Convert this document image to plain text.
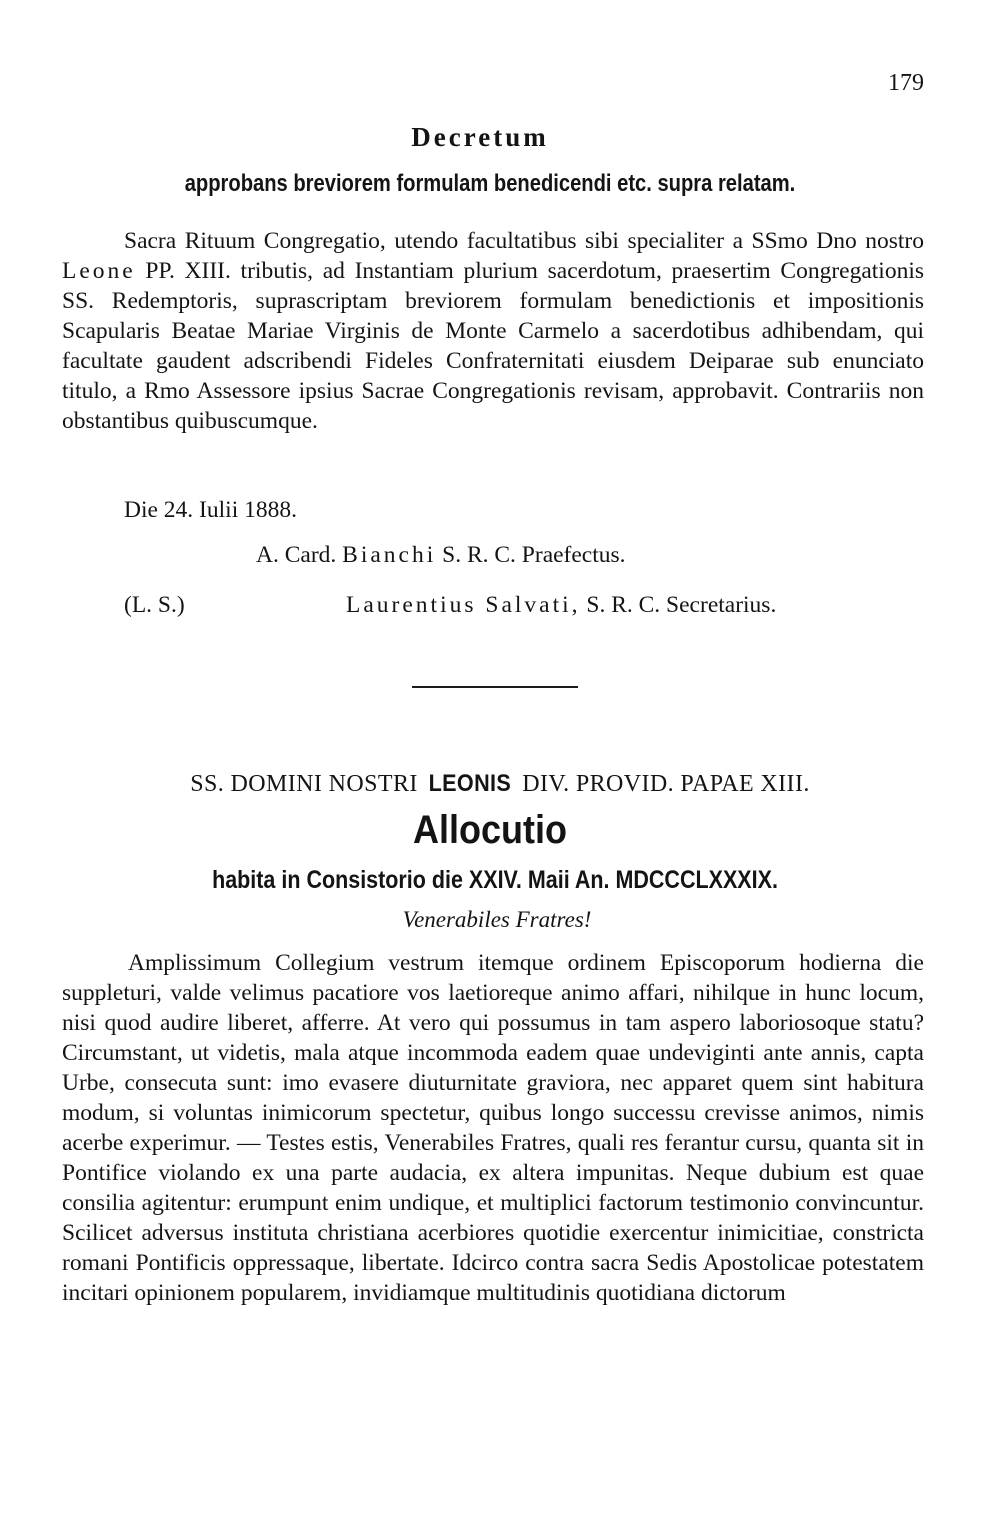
179
Decretum
approbans breviorem formulam benedicendi etc. supra relatam.

Sacra Rituum Congregatio, utendo facultatibus sibi specialiter a SSmo Dno nostro Leone PP. XIII. tributis, ad Instantiam plurium sacerdotum, praesertim Congregationis SS. Redemptoris, suprascriptam breviorem formulam benedictionis et impositionis Scapularis Beatae Mariae Virginis de Monte Carmelo a sacerdotibus adhibendam, qui facultate gaudent adscribendi Fideles Confraternitati eiusdem Deiparae sub enunciato titulo, a Rmo Assessore ipsius Sacrae Congregationis revisam, approbavit. Contrariis non obstantibus quibuscumque.

Die 24. Iulii 1888.
A. Card. Bianchi S. R. C. Praefectus.
(L. S.)	Laurentius Salvati, S. R. C. Secretarius.
SS. DOMINI NOSTRI LEONIS DIV. PROVID. PAPAE XIII.
Allocutio
habita in Consistorio die XXIV. Maii An. MDCCCLXXXIX.
Venerabiles Fratres!

Amplissimum Collegium vestrum itemque ordinem Episcoporum hodierna die suppleturi, valde velimus pacatiore vos laetioreque animo affari, nihilque in hunc locum, nisi quod audire liberet, afferre. At vero qui possumus in tam aspero laboriosoque statu? Circumstant, ut videtis, mala atque incommoda eadem quae undeviginti ante annis, capta Urbe, consecuta sunt: imo evasere diuturnitate graviora, nec apparet quem sint habitura modum, si voluntas inimicorum spectetur, quibus longo successu crevisse animos, nimis acerbe experimur. — Testes estis, Venerabiles Fratres, quali res ferantur cursu, quanta sit in Pontifice violando ex una parte audacia, ex altera impunitas. Neque dubium est quae consilia agitentur: erumpunt enim undique, et multiplici factorum testimonio convincuntur. Scilicet adversus instituta christiana acerbiores quotidie exercentur inimicitiae, constricta romani Pontificis oppressaque, libertate. Idcirco contra sacra Sedis Apostolicae potestatem incitari opinionem popularem, invidiamque multitudinis quotidiana dictorum
